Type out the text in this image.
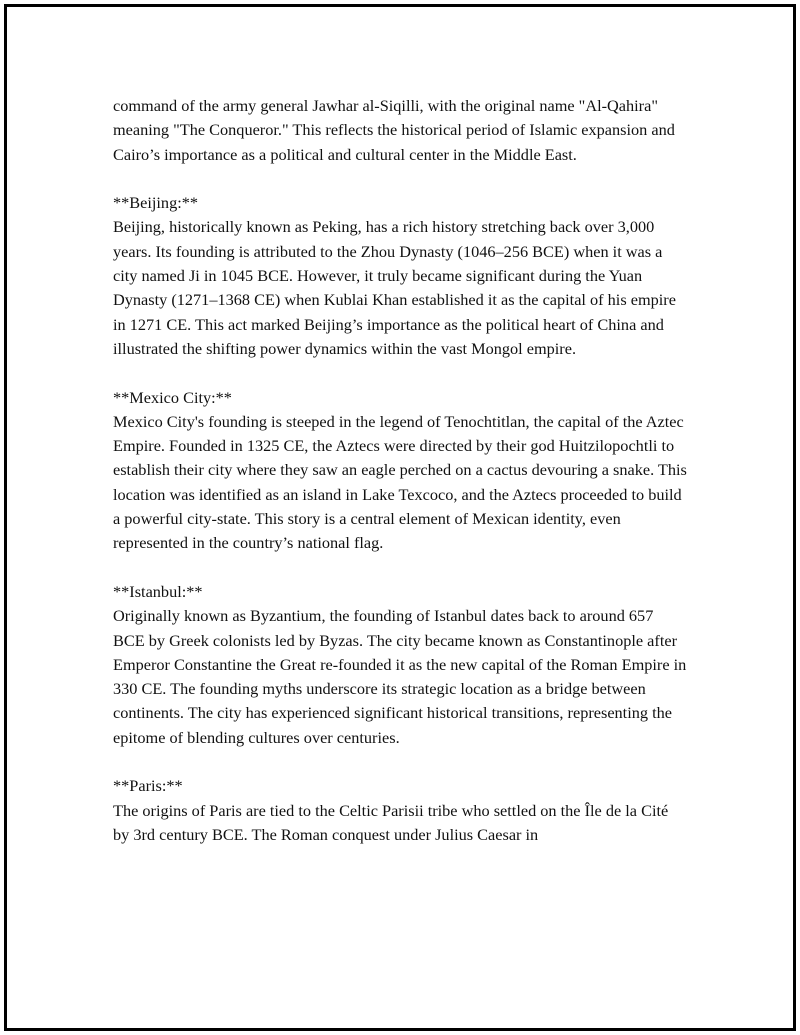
command of the army general Jawhar al-Siqilli, with the original name "Al-Qahira" meaning "The Conqueror." This reflects the historical period of Islamic expansion and Cairo’s importance as a political and cultural center in the Middle East.
**Beijing:**
Beijing, historically known as Peking, has a rich history stretching back over 3,000 years. Its founding is attributed to the Zhou Dynasty (1046–256 BCE) when it was a city named Ji in 1045 BCE. However, it truly became significant during the Yuan Dynasty (1271–1368 CE) when Kublai Khan established it as the capital of his empire in 1271 CE. This act marked Beijing’s importance as the political heart of China and illustrated the shifting power dynamics within the vast Mongol empire.
**Mexico City:**
Mexico City's founding is steeped in the legend of Tenochtitlan, the capital of the Aztec Empire. Founded in 1325 CE, the Aztecs were directed by their god Huitzilopochtli to establish their city where they saw an eagle perched on a cactus devouring a snake. This location was identified as an island in Lake Texcoco, and the Aztecs proceeded to build a powerful city-state. This story is a central element of Mexican identity, even represented in the country’s national flag.
**Istanbul:**
Originally known as Byzantium, the founding of Istanbul dates back to around 657 BCE by Greek colonists led by Byzas. The city became known as Constantinople after Emperor Constantine the Great re-founded it as the new capital of the Roman Empire in 330 CE. The founding myths underscore its strategic location as a bridge between continents. The city has experienced significant historical transitions, representing the epitome of blending cultures over centuries.
**Paris:**
The origins of Paris are tied to the Celtic Parisii tribe who settled on the Île de la Cité by 3rd century BCE. The Roman conquest under Julius Caesar in
